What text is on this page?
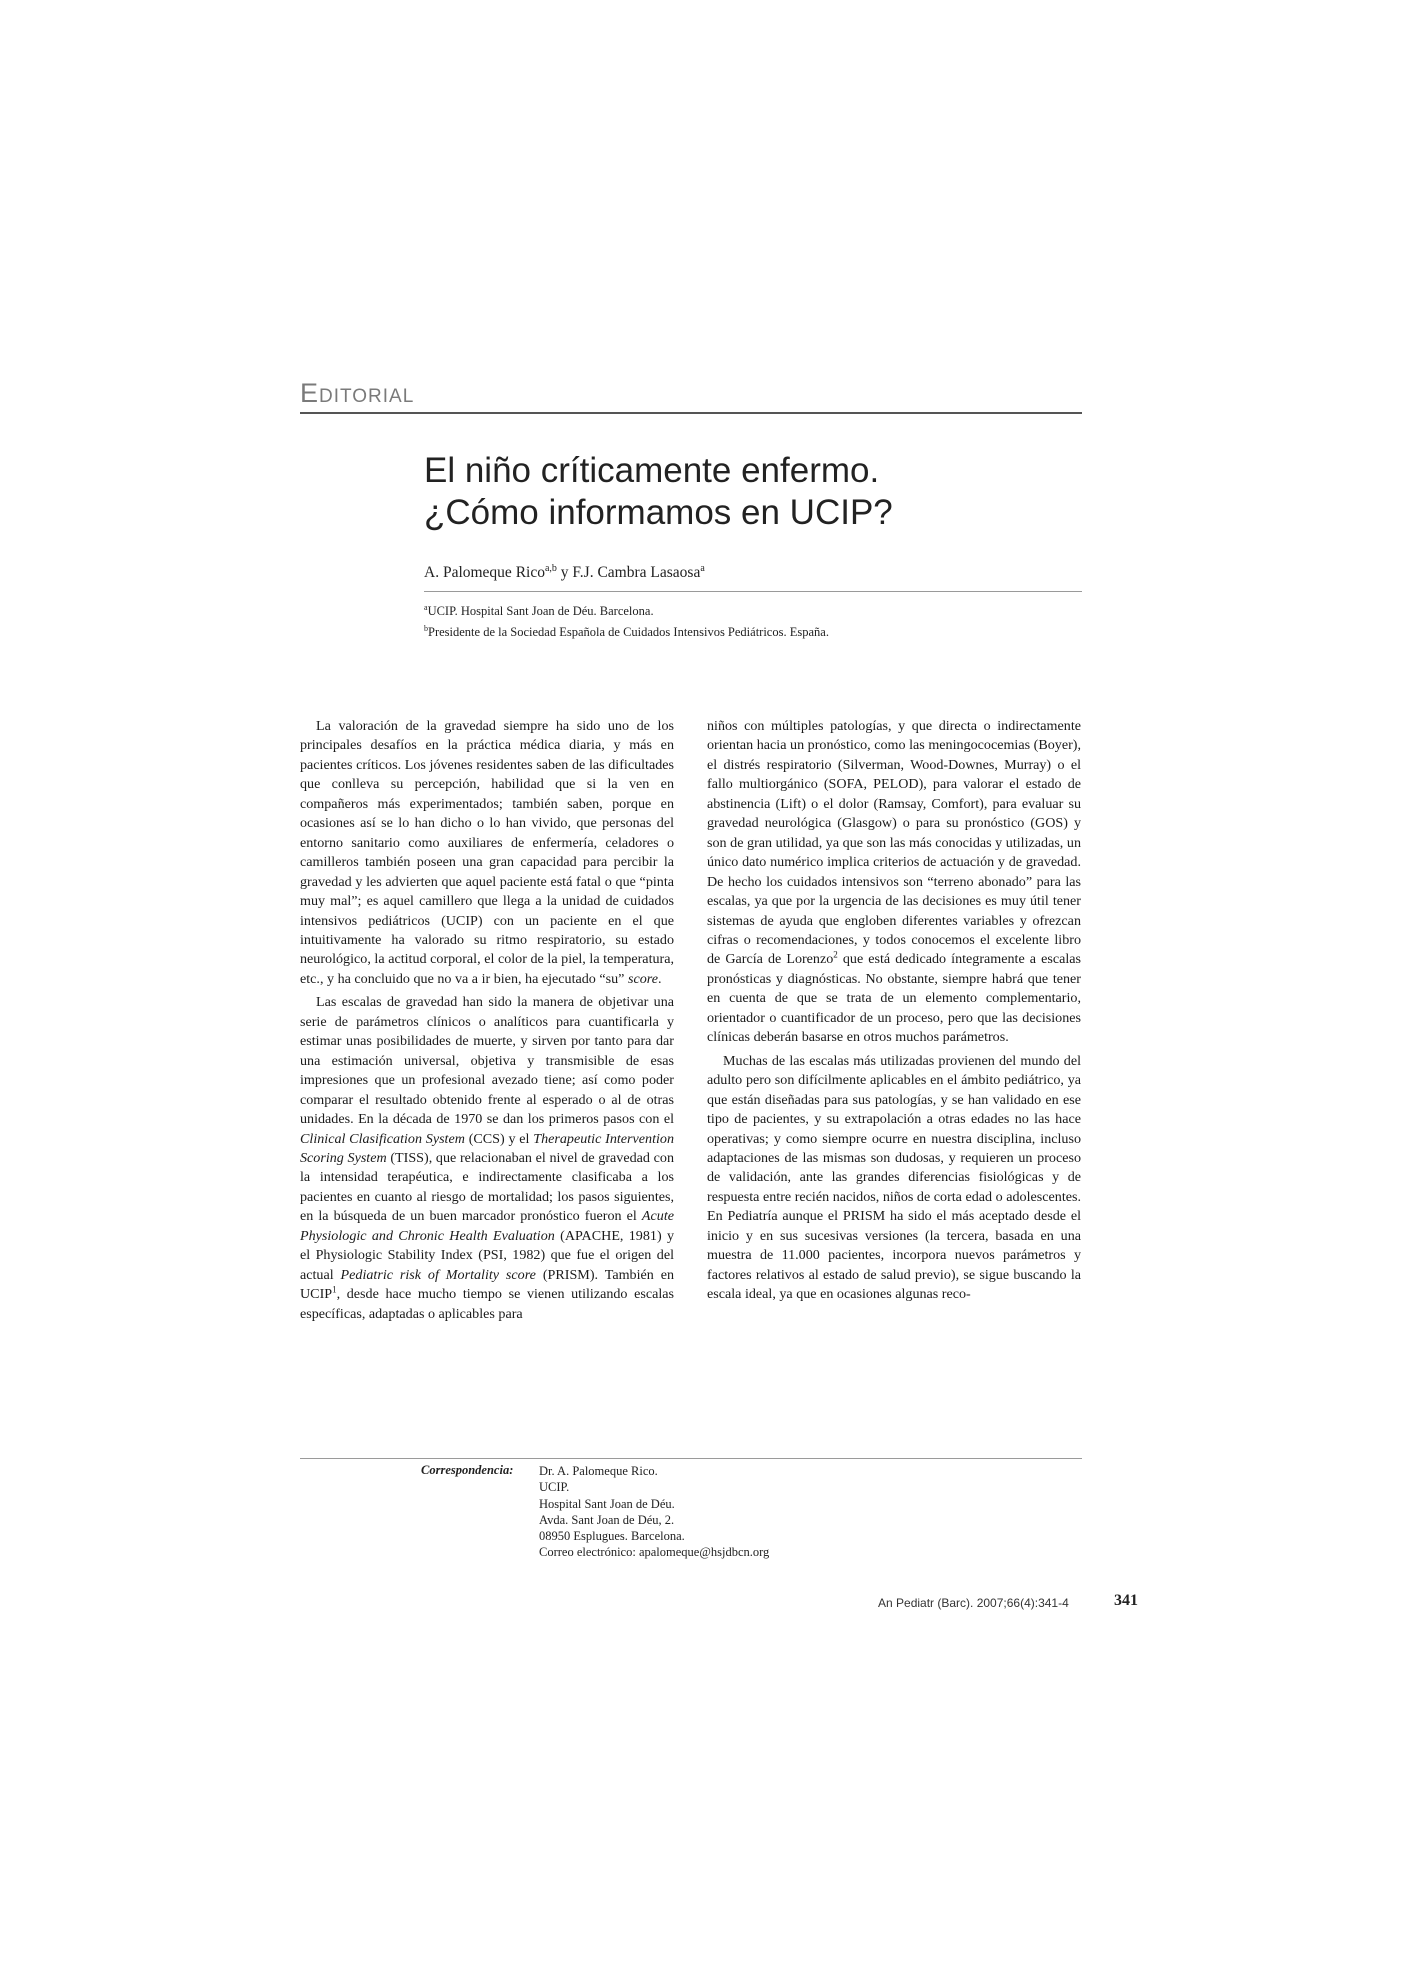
Editorial
El niño críticamente enfermo.
¿Cómo informamos en UCIP?
A. Palomeque Rico$^{a,b}$ y F.J. Cambra Lasaosa$^a$
$^a$UCIP. Hospital Sant Joan de Déu. Barcelona.
$^b$Presidente de la Sociedad Española de Cuidados Intensivos Pediátricos. España.

La valoración de la gravedad siempre ha sido uno de los principales desafíos en la práctica médica diaria, y más en pacientes críticos. Los jóvenes residentes saben de las dificultades que conlleva su percepción, habilidad que si la ven en compañeros más experimentados; también saben, porque en ocasiones así se lo han dicho o lo han vivido, que personas del entorno sanitario como auxiliares de enfermería, celadores o camilleros también poseen una gran capacidad para percibir la gravedad y les advierten que aquel paciente está fatal o que “pinta muy mal”; es aquel camillero que llega a la unidad de cuidados intensivos pediátricos (UCIP) con un paciente en el que intuitivamente ha valorado su ritmo respiratorio, su estado neurológico, la actitud corporal, el color de la piel, la temperatura, etc., y ha concluido que no va a ir bien, ha ejecutado “su” score.

Las escalas de gravedad han sido la manera de objetivar una serie de parámetros clínicos o analíticos para cuantificarla y estimar unas posibilidades de muerte, y sirven por tanto para dar una estimación universal, objetiva y transmisible de esas impresiones que un profesional avezado tiene; así como poder comparar el resultado obtenido frente al esperado o al de otras unidades. En la década de 1970 se dan los primeros pasos con el Clinical Clasification System (CCS) y el Therapeutic Intervention Scoring System (TISS), que relacionaban el nivel de gravedad con la intensidad terapéutica, e indirectamente clasificaba a los pacientes en cuanto al riesgo de mortalidad; los pasos siguientes, en la búsqueda de un buen marcador pronóstico fueron el Acute Physiologic and Chronic Health Evaluation (APACHE, 1981) y el Physiologic Stability Index (PSI, 1982) que fue el origen del actual Pediatric risk of Mortality score (PRISM). También en UCIP$^1$, desde hace mucho tiempo se vienen utilizando escalas específicas, adaptadas o aplicables para

niños con múltiples patologías, y que directa o indirectamente orientan hacia un pronóstico, como las meningococemias (Boyer), el distrés respiratorio (Silverman, Wood-Downes, Murray) o el fallo multiorgánico (SOFA, PELOD), para valorar el estado de abstinencia (Lift) o el dolor (Ramsay, Comfort), para evaluar su gravedad neurológica (Glasgow) o para su pronóstico (GOS) y son de gran utilidad, ya que son las más conocidas y utilizadas, un único dato numérico implica criterios de actuación y de gravedad. De hecho los cuidados intensivos son “terreno abonado” para las escalas, ya que por la urgencia de las decisiones es muy útil tener sistemas de ayuda que engloben diferentes variables y ofrezcan cifras o recomendaciones, y todos conocemos el excelente libro de García de Lorenzo$^2$ que está dedicado íntegramente a escalas pronósticas y diagnósticas. No obstante, siempre habrá que tener en cuenta de que se trata de un elemento complementario, orientador o cuantificador de un proceso, pero que las decisiones clínicas deberán basarse en otros muchos parámetros.

Muchas de las escalas más utilizadas provienen del mundo del adulto pero son difícilmente aplicables en el ámbito pediátrico, ya que están diseñadas para sus patologías, y se han validado en ese tipo de pacientes, y su extrapolación a otras edades no las hace operativas; y como siempre ocurre en nuestra disciplina, incluso adaptaciones de las mismas son dudosas, y requieren un proceso de validación, ante las grandes diferencias fisiológicas y de respuesta entre recién nacidos, niños de corta edad o adolescentes. En Pediatría aunque el PRISM ha sido el más aceptado desde el inicio y en sus sucesivas versiones (la tercera, basada en una muestra de 11.000 pacientes, incorpora nuevos parámetros y factores relativos al estado de salud previo), se sigue buscando la escala ideal, ya que en ocasiones algunas reco-

Correspondencia: Dr. A. Palomeque Rico.
UCIP.
Hospital Sant Joan de Déu.
Avda. Sant Joan de Déu, 2.
08950 Esplugues. Barcelona.
Correo electrónico: apalomeque@hsjdbcn.org
An Pediatr (Barc). 2007;66(4):341-4	341
